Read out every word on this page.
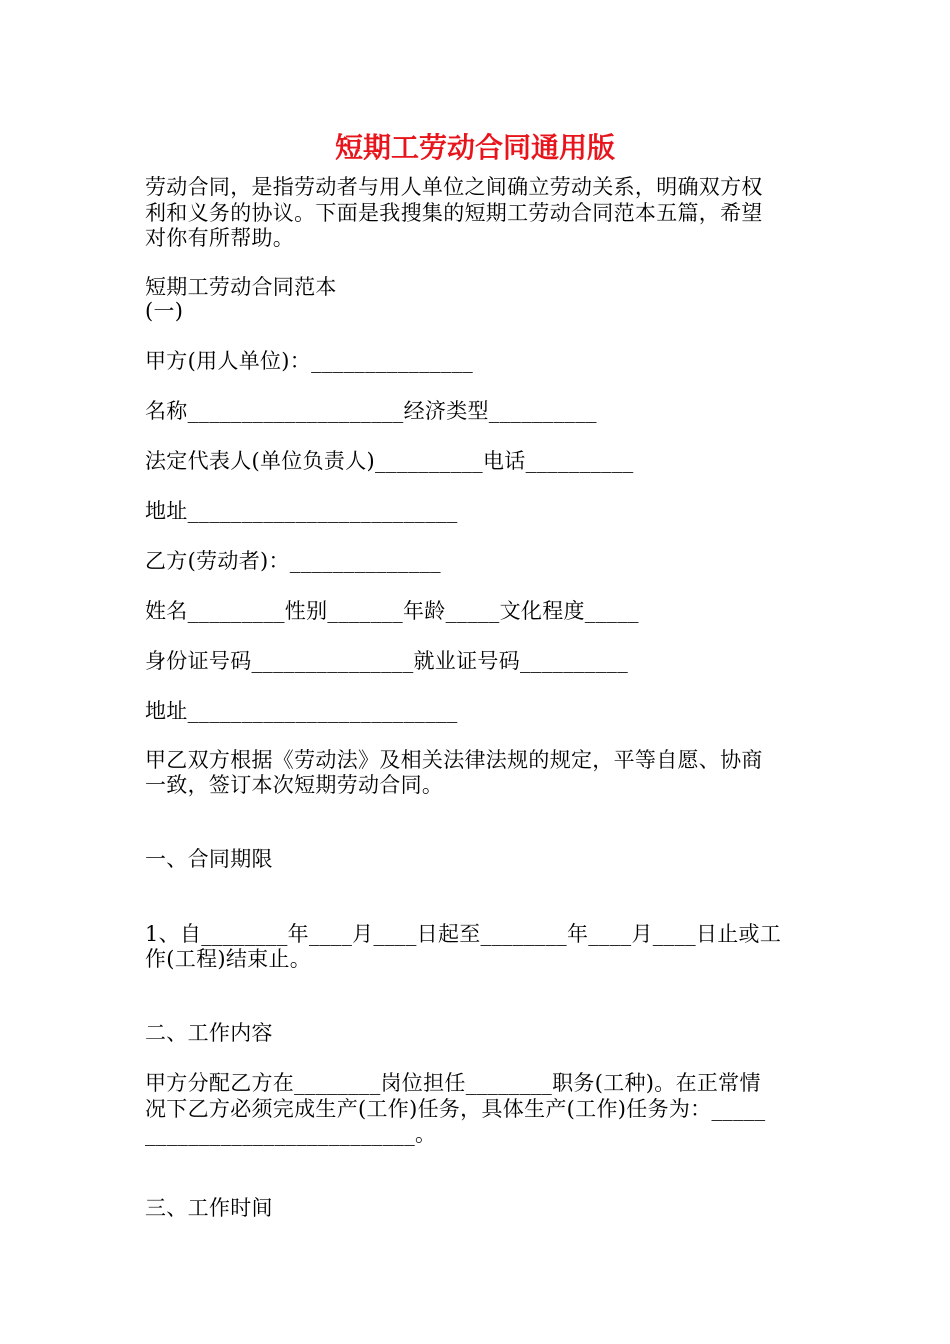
短期工劳动合同通用版
劳动合同，是指劳动者与用人单位之间确立劳动关系，明确双方权
利和义务的协议。下面是我搜集的短期工劳动合同范本五篇，希望
对你有所帮助。
短期工劳动合同范本
(一)
甲方(用人单位)：_______________
名称____________________经济类型__________
法定代表人(单位负责人)__________电话__________
地址_________________________
乙方(劳动者)：______________
姓名_________性别_______年龄_____文化程度_____
身份证号码_______________就业证号码__________
地址_________________________
甲乙双方根据《劳动法》及相关法律法规的规定，平等自愿、协商
一致，签订本次短期劳动合同。
一、合同期限
1、自________年____月____日起至________年____月____日止或工
作(工程)结束止。
二、工作内容
甲方分配乙方在________岗位担任________职务(工种)。在正常情
况下乙方必须完成生产(工作)任务，具体生产(工作)任务为：_____
_________________________。
三、工作时间
